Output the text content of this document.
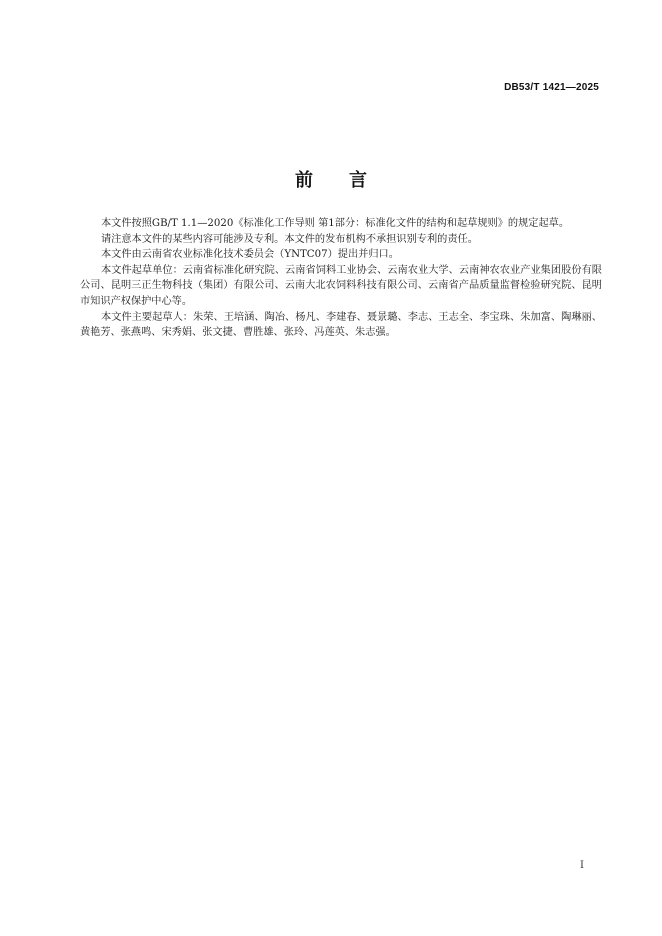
DB53/T 1421—2025
前言

本文件按照GB/T 1.1—2020《标准化工作导则 第1部分：标准化文件的结构和起草规则》的规定起草。

请注意本文件的某些内容可能涉及专利。本文件的发布机构不承担识别专利的责任。

本文件由云南省农业标准化技术委员会（YNTC07）提出并归口。

本文件起草单位：云南省标准化研究院、云南省饲料工业协会、云南农业大学、云南神农农业产业集团股份有限公司、昆明三正生物科技（集团）有限公司、云南大北农饲料科技有限公司、云南省产品质量监督检验研究院、昆明市知识产权保护中心等。

本文件主要起草人：朱荣、王培涵、陶冶、杨凡、李建春、聂景璐、李志、王志全、李宝珠、朱加富、陶琳丽、黄艳芳、张燕鸣、宋秀娟、张文捷、曹胜雄、张玲、冯莲英、朱志强。

I
